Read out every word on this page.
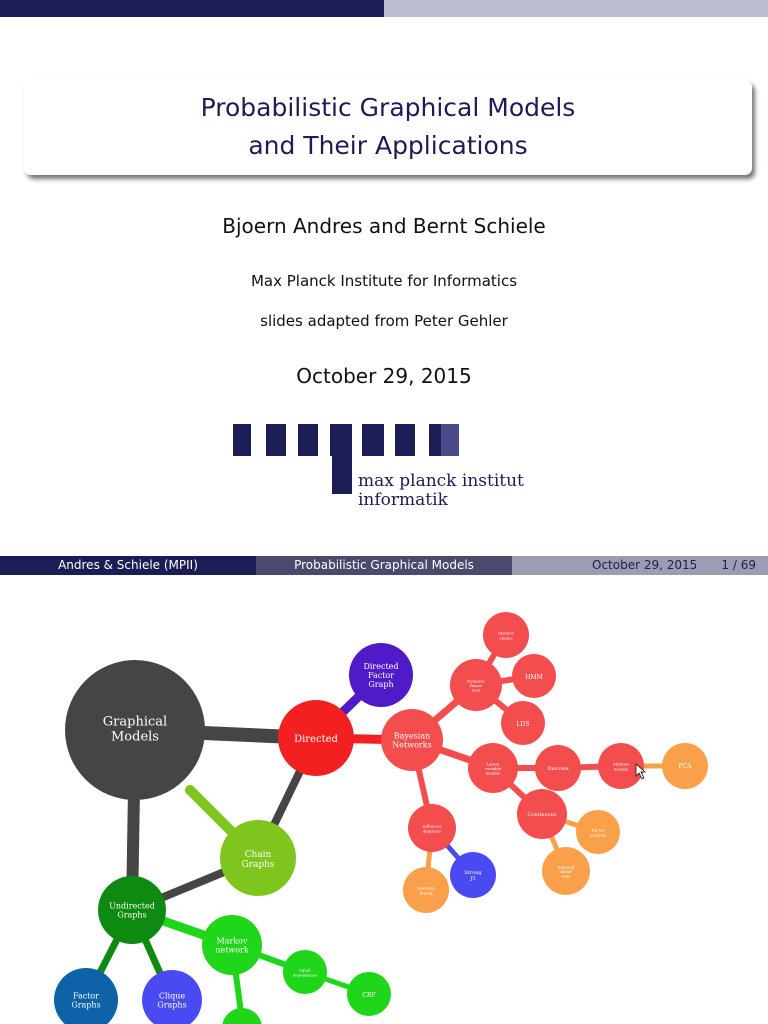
Probabilistic Graphical Models
and Their Applications
Bjoern Andres and Bernt Schiele
Max Planck Institute for Informatics
slides adapted from Peter Gehler
October 29, 2015
max planck institut
informatik
Andres & Schiele (MPII)	Probabilistic Graphical Models	October 29, 2015 1 / 69
Graphical Models	Directed
Directed Factor Graph
Chain Graphs
Undirected Graphs
Markov network
Factor Graphs
Clique Graphs
equal dependence
CRF
Bayesian Networks
Markov chains
Dynamic Bayes nets
HMM
LDS
Latent variable models
Discrete
Mixture models	PCA
Continuous
Factor analysis
Sigmoid belief nets
Influence diagrams
Strong JT
Decision theory
